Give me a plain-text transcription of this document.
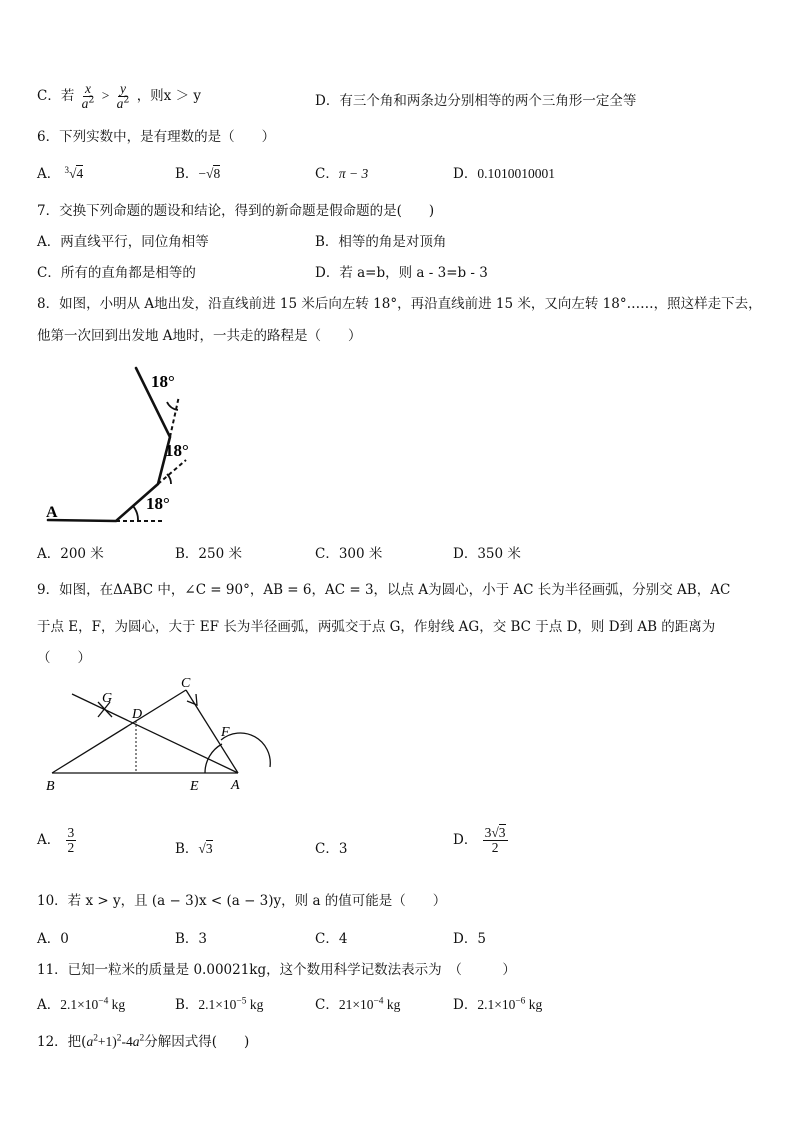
C．若 $\frac{x}{a^2} > \frac{y}{a^2}$ ，则x ＞ y	D．有三个角和两条边分别相等的两个三角形一定全等
6．下列实数中，是有理数的是（　　）
A． $^3$√4	B．−√8	C．π − 3	D．0.1010010001
7．交换下列命题的题设和结论，得到的新命题是假命题的是(　　)
A．两直线平行，同位角相等	B．相等的角是对顶角
C．所有的直角都是相等的	D．若 a=b，则 a - 3=b - 3
8．如图，小明从 A地出发，沿直线前进 15 米后向左转 18°，再沿直线前进 15 米，又向左转 18°……，照这样走下去，
他第一次回到出发地 A地时，一共走的路程是（　　）
A	18°
18°
18°
A．200 米	B．250 米	C．300 米	D．350 米
9．如图，在ΔABC 中，∠C = 90°，AB = 6，AC = 3，以点 A为圆心，小于 AC 长为半径画弧，分别交 AB，AC
于点 E，F，为圆心，大于 EF 长为半径画弧，两弧交于点 G，作射线 AG，交 BC 于点 D，则 D到 AB 的距离为
（　　）
C
G
D
F
B	E A
A． $\frac{3}{2}$	B．√3	C．3
D． $\frac{3√3}{2}$
10．若 x > y，且 (a − 3)x < (a − 3)y，则 a 的值可能是（　　）
A．0	B．3	C．4	D．5
11．已知一粒米的质量是 0.00021kg，这个数用科学记数法表示为　（　　　）
A．$2.1\times 10^{-4}$ kg	B．$2.1\times 10^{-5}$ kg	C．$21\times 10^{-4}$ kg	D．$2.1\times 10^{-6}$ kg
12．把$(a^2+1)^2-4a^2$分解因式得(　　)
